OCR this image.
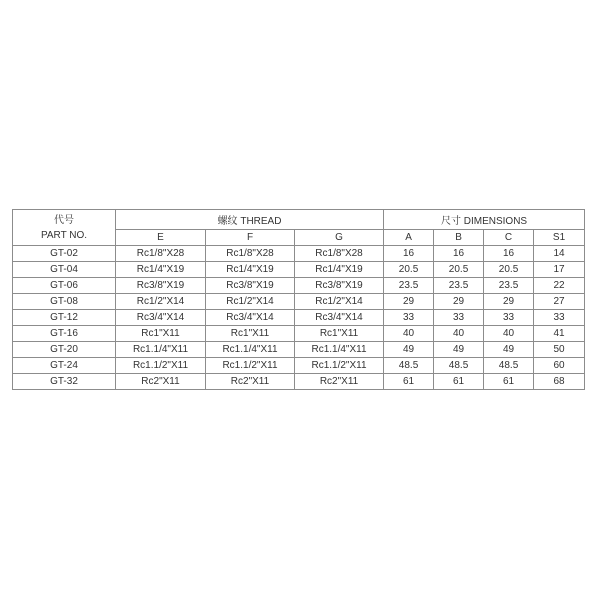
代号
PART NO.	螺纹 THREAD			尺寸 DIMENSIONS			
	E	F	G	A	B	C	S1
GT-02	Rc1/8"X28	Rc1/8"X28	Rc1/8"X28	16	16	16	14
GT-04	Rc1/4"X19	Rc1/4"X19	Rc1/4"X19	20.5	20.5	20.5	17
GT-06	Rc3/8"X19	Rc3/8"X19	Rc3/8"X19	23.5	23.5	23.5	22
GT-08	Rc1/2"X14	Rc1/2"X14	Rc1/2"X14	29	29	29	27
GT-12	Rc3/4"X14	Rc3/4"X14	Rc3/4"X14	33	33	33	33
GT-16	Rc1"X11	Rc1"X11	Rc1"X11	40	40	40	41
GT-20	Rc1.1/4"X11	Rc1.1/4"X11	Rc1.1/4"X11	49	49	49	50
GT-24	Rc1.1/2"X11	Rc1.1/2"X11	Rc1.1/2"X11	48.5	48.5	48.5	60
GT-32	Rc2"X11	Rc2"X11	Rc2"X11	61	61	61	68
